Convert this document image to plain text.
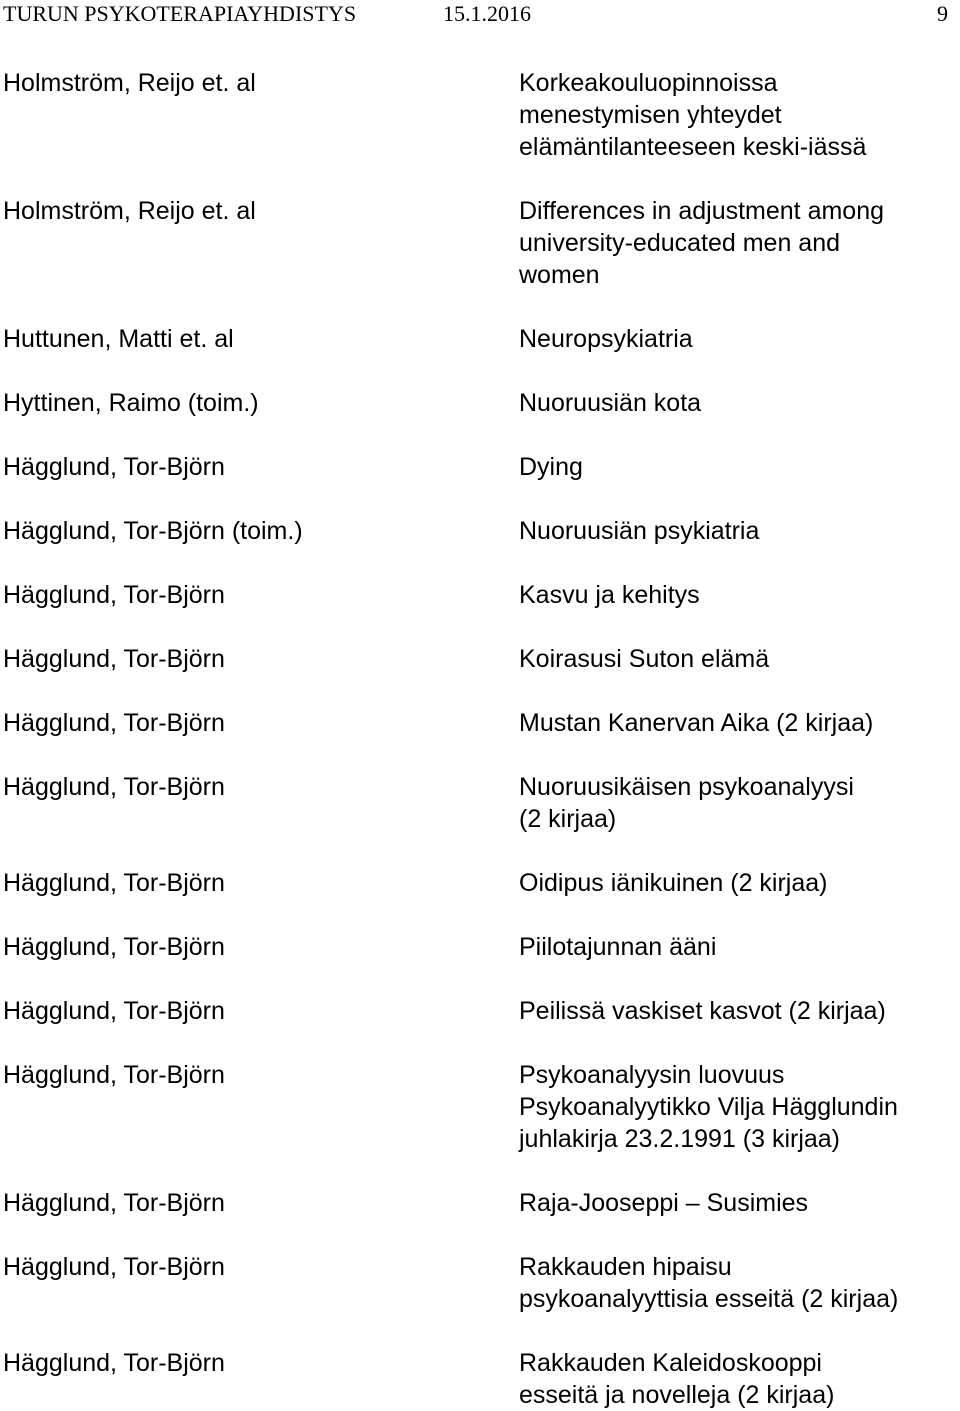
TURUN PSYKOTERAPIAYHDISTYS	15.1.2016	9
Holmström, Reijo et. al	Korkeakouluopinnoissa
menestymisen yhteydet
elämäntilanteeseen keski-iässä
Holmström, Reijo et. al	Differences in adjustment among
university-educated men and
women
Huttunen, Matti et. al	Neuropsykiatria
Hyttinen, Raimo (toim.)	Nuoruusiän kota
Hägglund, Tor-Björn	Dying
Hägglund, Tor-Björn (toim.)	Nuoruusiän psykiatria
Hägglund, Tor-Björn	Kasvu ja kehitys
Hägglund, Tor-Björn	Koirasusi Suton elämä
Hägglund, Tor-Björn	Mustan Kanervan Aika (2 kirjaa)
Hägglund, Tor-Björn	Nuoruusikäisen psykoanalyysi
(2 kirjaa)
Hägglund, Tor-Björn	Oidipus iänikuinen (2 kirjaa)
Hägglund, Tor-Björn	Piilotajunnan ääni
Hägglund, Tor-Björn	Peilissä vaskiset kasvot (2 kirjaa)
Hägglund, Tor-Björn	Psykoanalyysin luovuus
Psykoanalyytikko Vilja Hägglundin
juhlakirja 23.2.1991 (3 kirjaa)
Hägglund, Tor-Björn	Raja-Jooseppi – Susimies
Hägglund, Tor-Björn	Rakkauden hipaisu
psykoanalyyttisia esseitä (2 kirjaa)
Hägglund, Tor-Björn	Rakkauden Kaleidoskooppi
esseitä ja novelleja (2 kirjaa)
